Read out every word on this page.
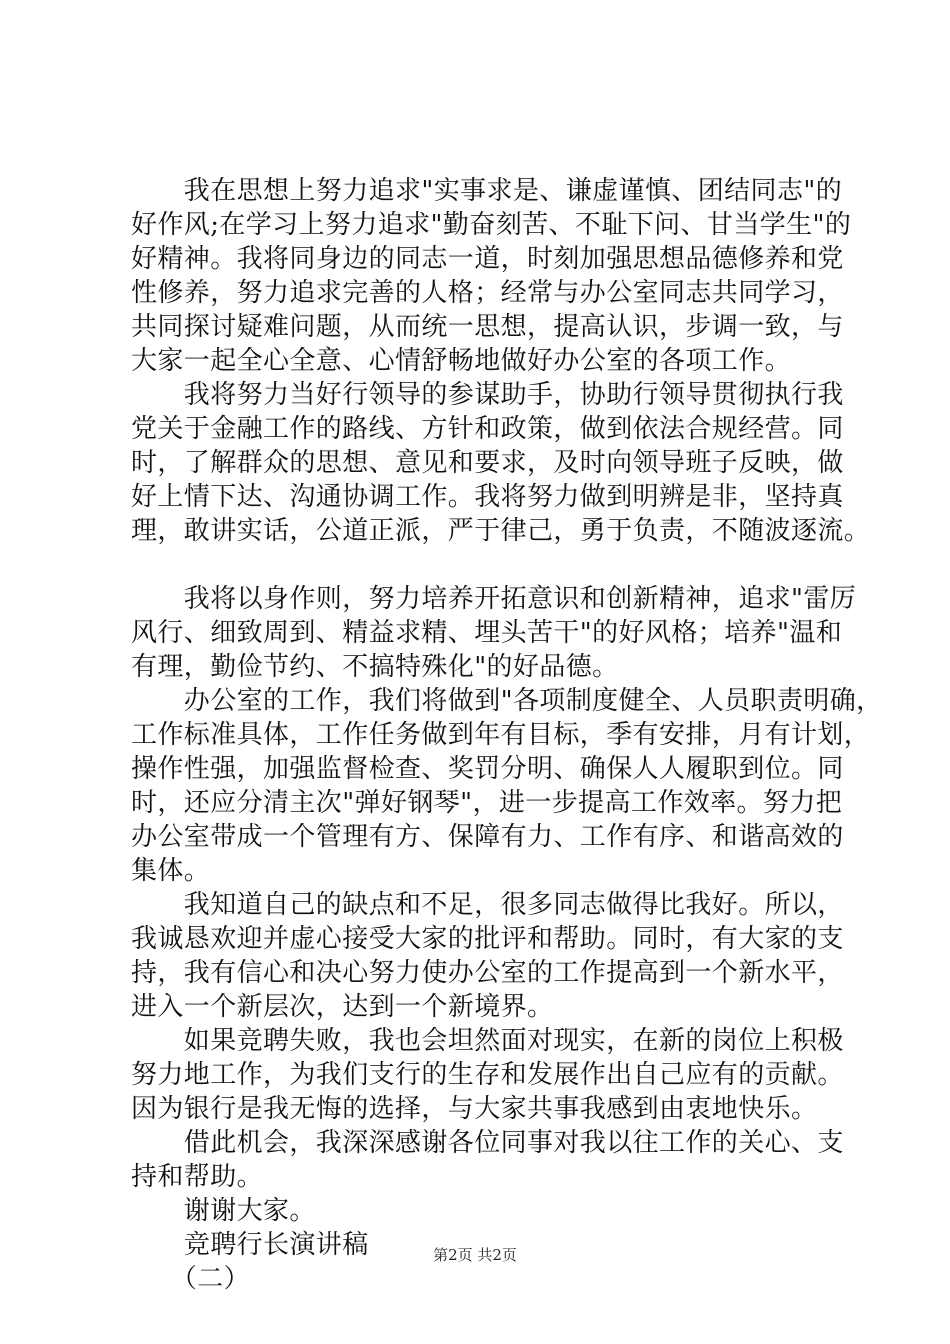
　　我在思想上努力追求"实事求是、谦虚谨慎、团结同志"的
好作风;在学习上努力追求"勤奋刻苦、不耻下问、甘当学生"的
好精神。我将同身边的同志一道，时刻加强思想品德修养和党
性修养，努力追求完善的人格；经常与办公室同志共同学习，
共同探讨疑难问题，从而统一思想，提高认识，步调一致，与
大家一起全心全意、心情舒畅地做好办公室的各项工作。
　　我将努力当好行领导的参谋助手，协助行领导贯彻执行我
党关于金融工作的路线、方针和政策，做到依法合规经营。同
时，了解群众的思想、意见和要求，及时向领导班子反映，做
好上情下达、沟通协调工作。我将努力做到明辨是非，坚持真
理，敢讲实话，公道正派，严于律己，勇于负责，不随波逐流。
　　我将以身作则，努力培养开拓意识和创新精神，追求"雷厉
风行、细致周到、精益求精、埋头苦干"的好风格；培养"温和
有理，勤俭节约、不搞特殊化"的好品德。
　　办公室的工作，我们将做到"各项制度健全、人员职责明确，
工作标准具体，工作任务做到年有目标，季有安排，月有计划，
操作性强，加强监督检查、奖罚分明、确保人人履职到位。同
时，还应分清主次"弹好钢琴"，进一步提高工作效率。努力把
办公室带成一个管理有方、保障有力、工作有序、和谐高效的
集体。
　　我知道自己的缺点和不足，很多同志做得比我好。所以，
我诚恳欢迎并虚心接受大家的批评和帮助。同时，有大家的支
持，我有信心和决心努力使办公室的工作提高到一个新水平，
进入一个新层次，达到一个新境界。
　　如果竞聘失败，我也会坦然面对现实，在新的岗位上积极
努力地工作，为我们支行的生存和发展作出自己应有的贡献。
因为银行是我无悔的选择，与大家共事我感到由衷地快乐。
　　借此机会，我深深感谢各位同事对我以往工作的关心、支
持和帮助。
　　谢谢大家。
　　竞聘行长演讲稿
　　（二）
第2页 共2页
